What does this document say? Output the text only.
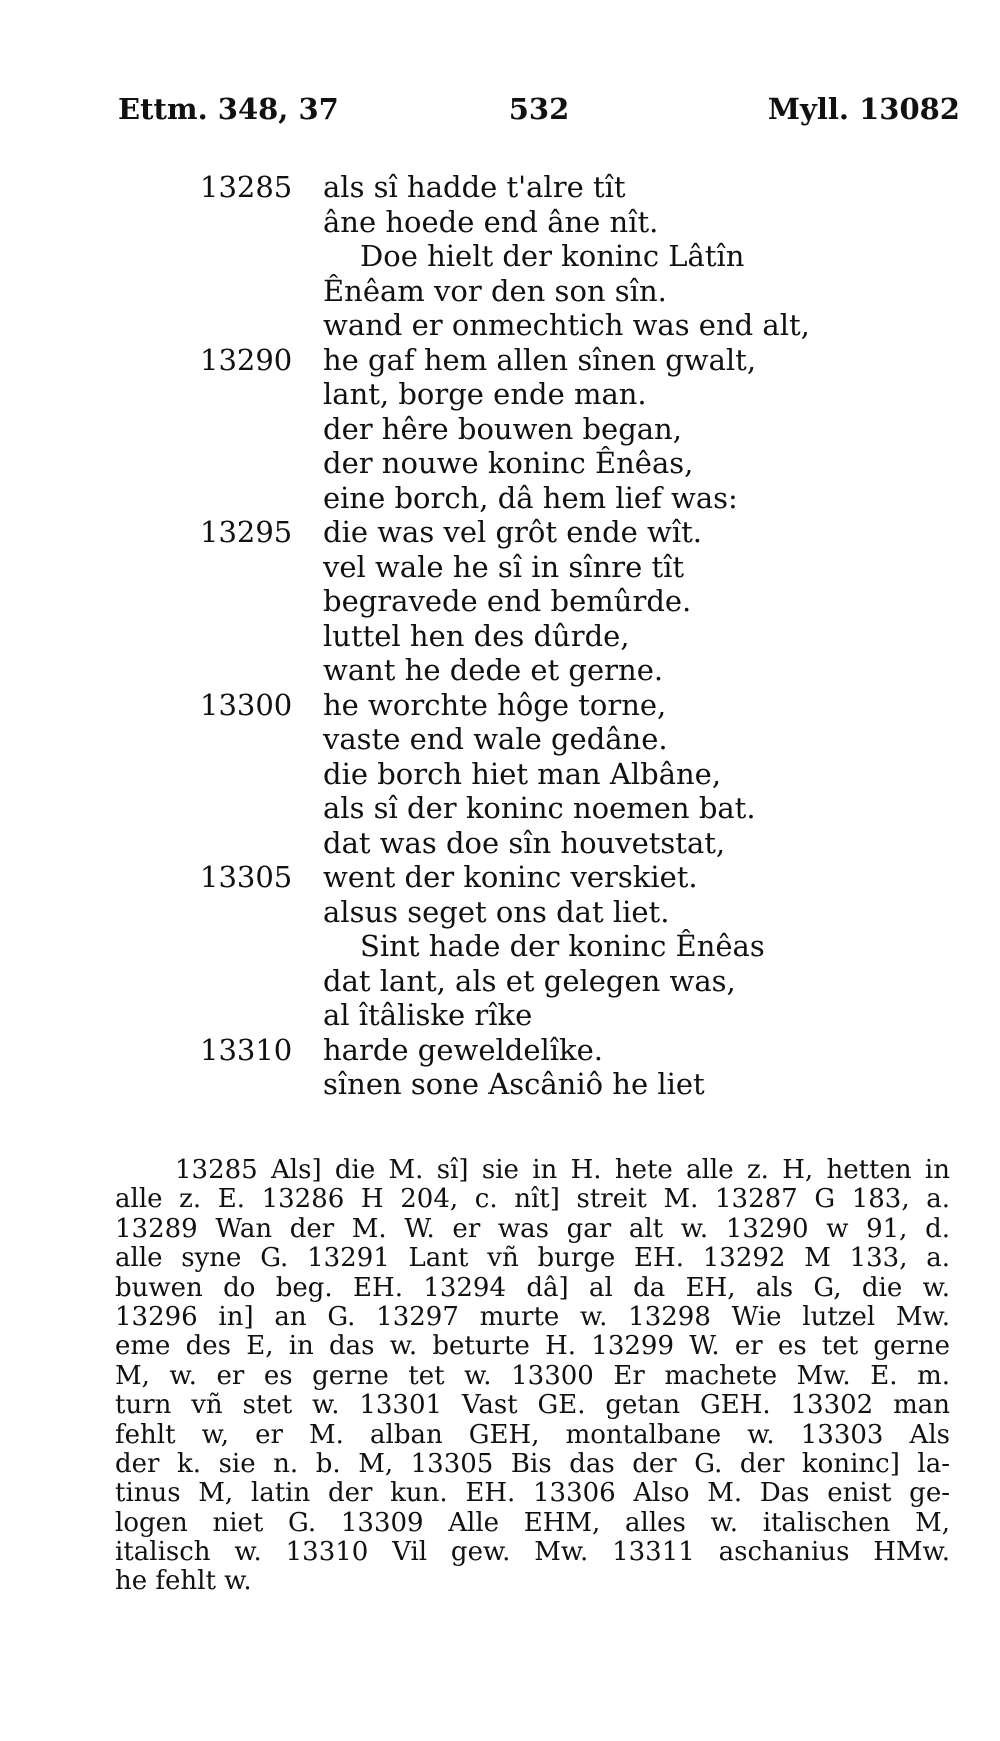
Ettm. 348, 37	532	Myll. 13082
13285 als sî hadde t'alre tît
âne hoede end âne nît.
Doe hielt der koninc Lâtîn
Ênêam vor den son sîn.
wand er onmechtich was end alt,
13290 he gaf hem allen sînen gwalt,
lant, borge ende man.
der hêre bouwen began,
der nouwe koninc Ênêas,
eine borch, dâ hem lief was:
13295 die was vel grôt ende wît.
vel wale he sî in sînre tît
begravede end bemûrde.
luttel hen des dûrde,
want he dede et gerne.
13300 he worchte hôge torne,
vaste end wale gedâne.
die borch hiet man Albâne,
als sî der koninc noemen bat.
dat was doe sîn houvetstat,
13305 went der koninc verskiet.
alsus seget ons dat liet.
Sint hade der koninc Ênêas
dat lant, als et gelegen was,
al îtâliske rîke
13310 harde geweldelîke.
sînen sone Ascâniô he liet
13285 Als] die M. sî] sie in H. hete alle z. H, hetten in
alle z. E. 13286 H 204, c. nît] streit M. 13287 G 183, a.
13289 Wan der M. W. er was gar alt w. 13290 w 91, d.
alle syne G. 13291 Lant vñ burge EH. 13292 M 133, a.
buwen do beg. EH. 13294 dâ] al da EH, als G, die w.
13296 in] an G. 13297 murte w. 13298 Wie lutzel Mw.
eme des E, in das w. beturte H. 13299 W. er es tet gerne
M, w. er es gerne tet w. 13300 Er machete Mw. E. m.
turn vñ stet w. 13301 Vast GE. getan GEH. 13302 man
fehlt w, er M. alban GEH, montalbane w. 13303 Als
der k. sie n. b. M, 13305 Bis das der G. der koninc] la-
tinus M, latin der kun. EH. 13306 Also M. Das enist ge-
logen niet G. 13309 Alle EHM, alles w. italischen M,
italisch w. 13310 Vil gew. Mw. 13311 aschanius HMw.
he fehlt w.
